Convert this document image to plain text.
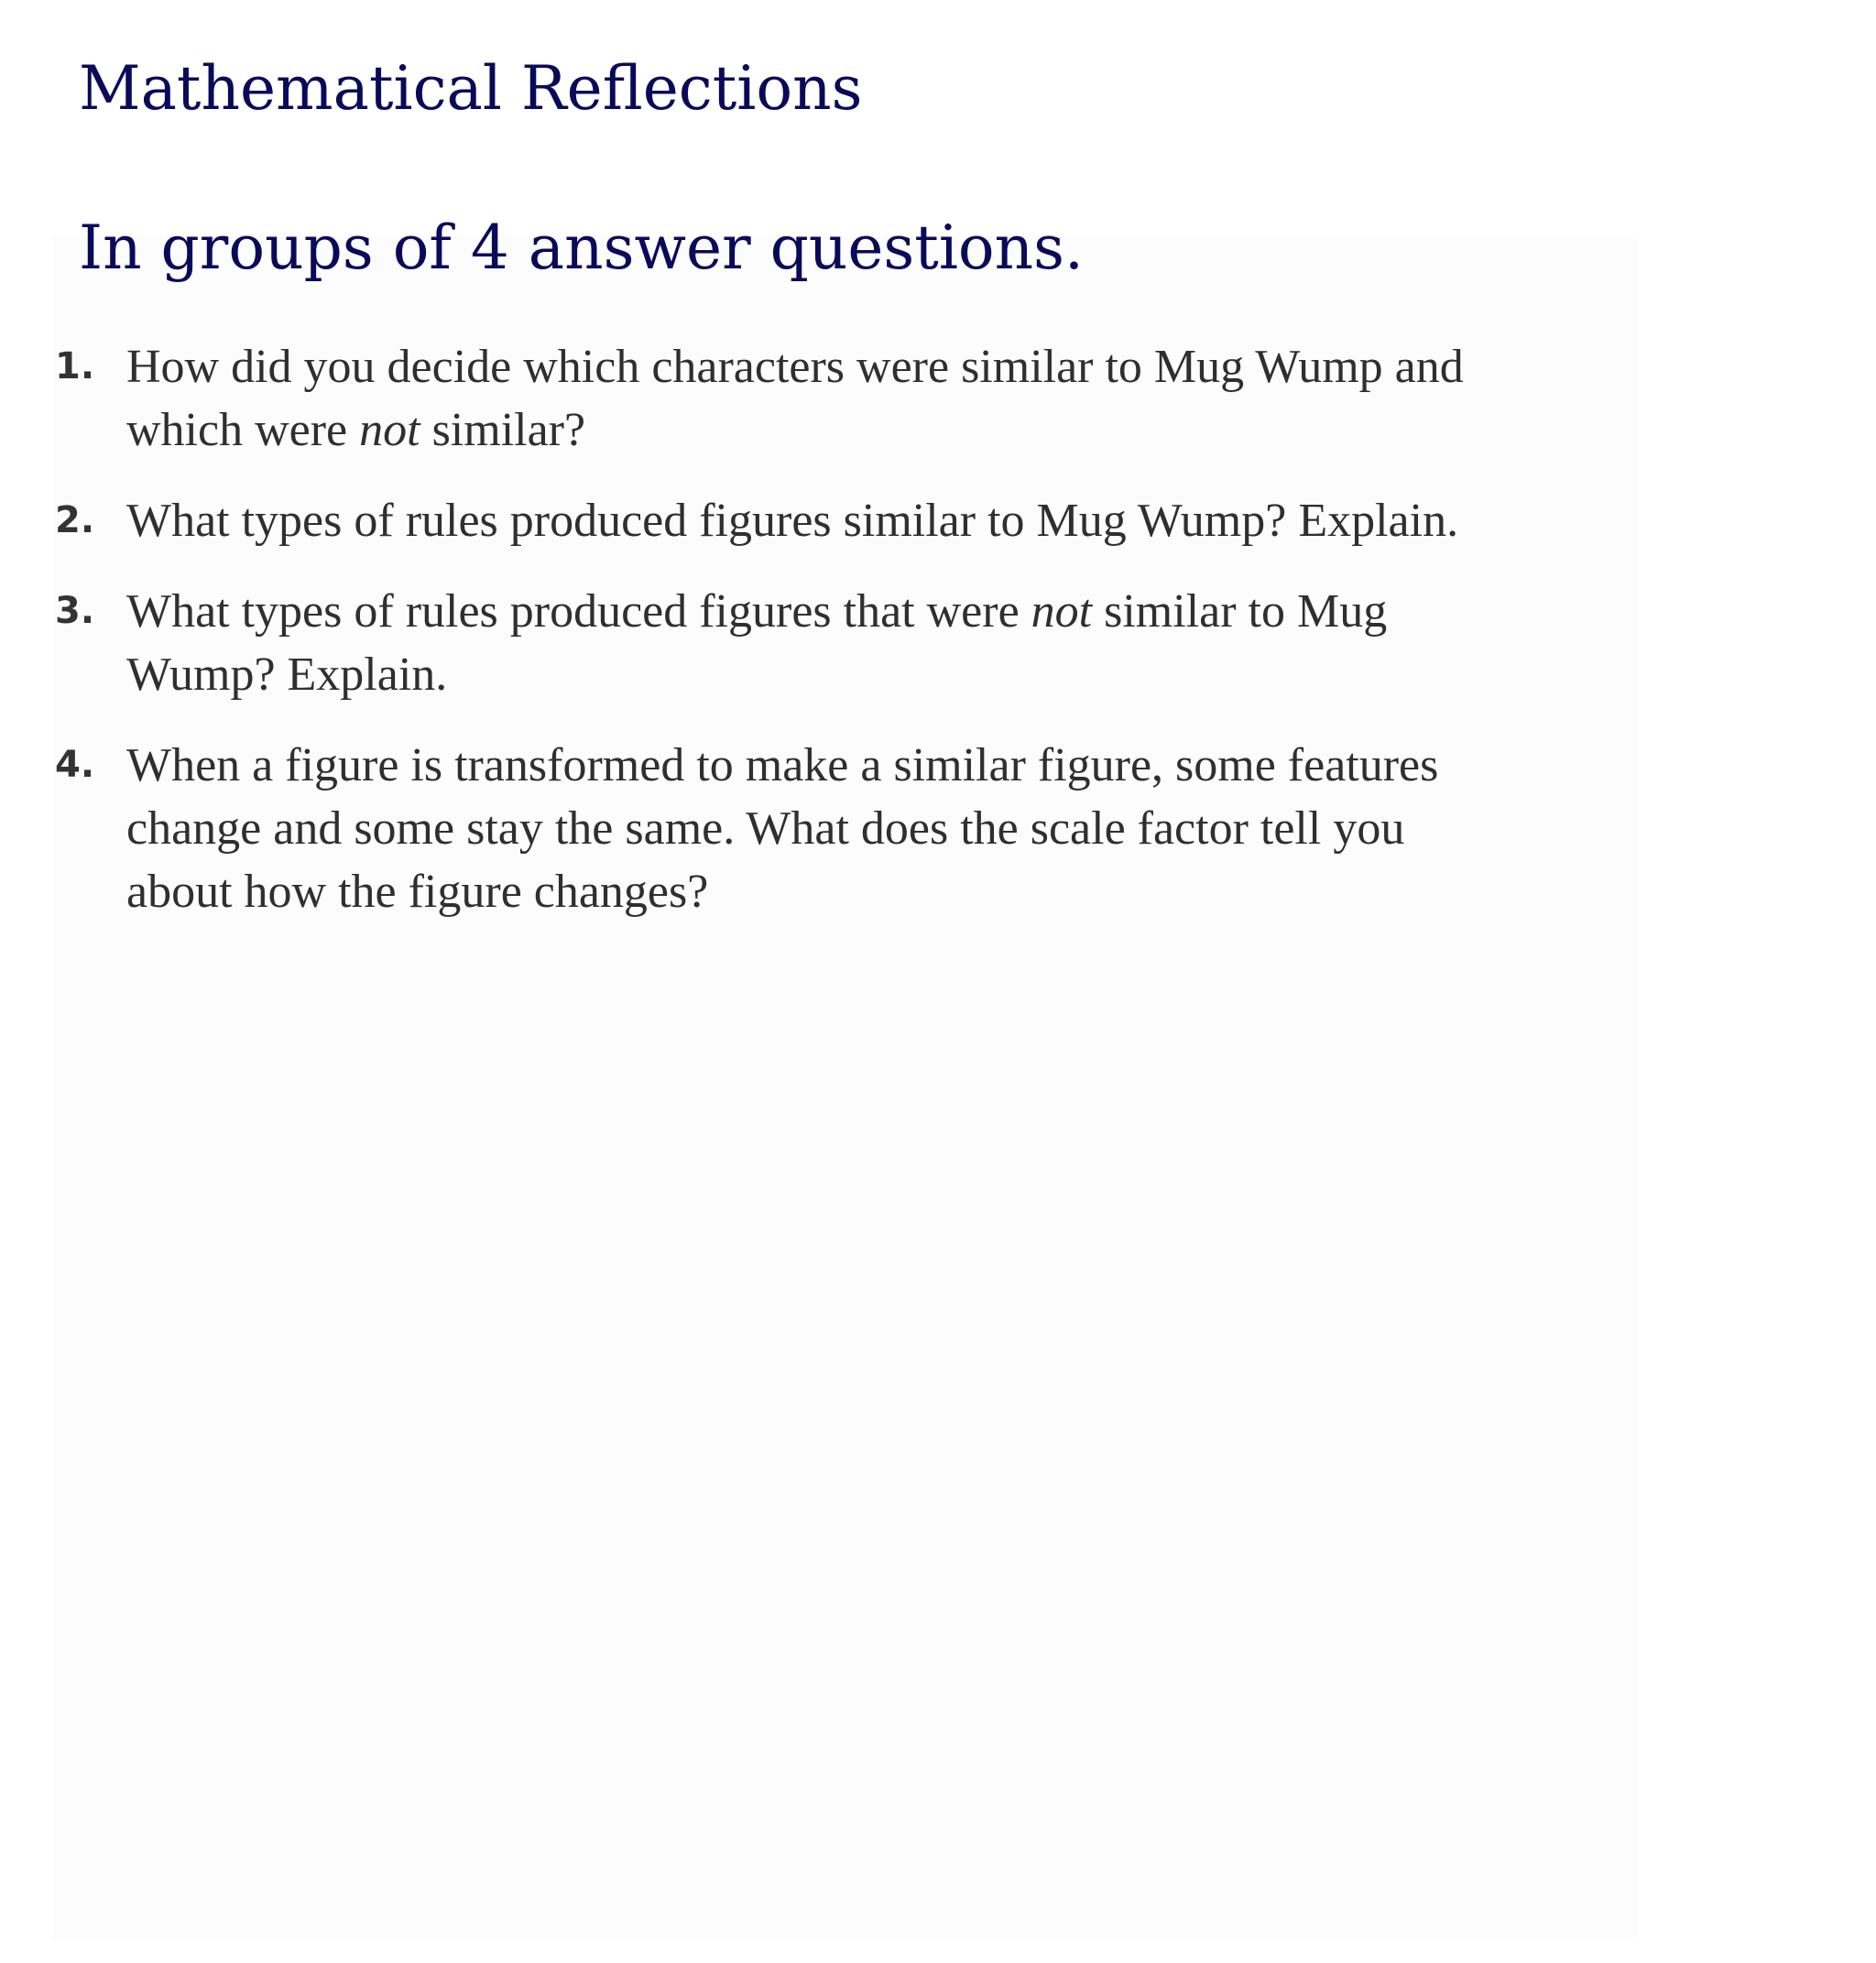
Mathematical Reflections
In groups of 4 answer questions.
1. How did you decide which characters were similar to Mug Wump and
which were not similar?
2. What types of rules produced figures similar to Mug Wump? Explain.
3. What types of rules produced figures that were not similar to Mug
Wump? Explain.
4. When a figure is transformed to make a similar figure, some features
change and some stay the same. What does the scale factor tell you
about how the figure changes?
